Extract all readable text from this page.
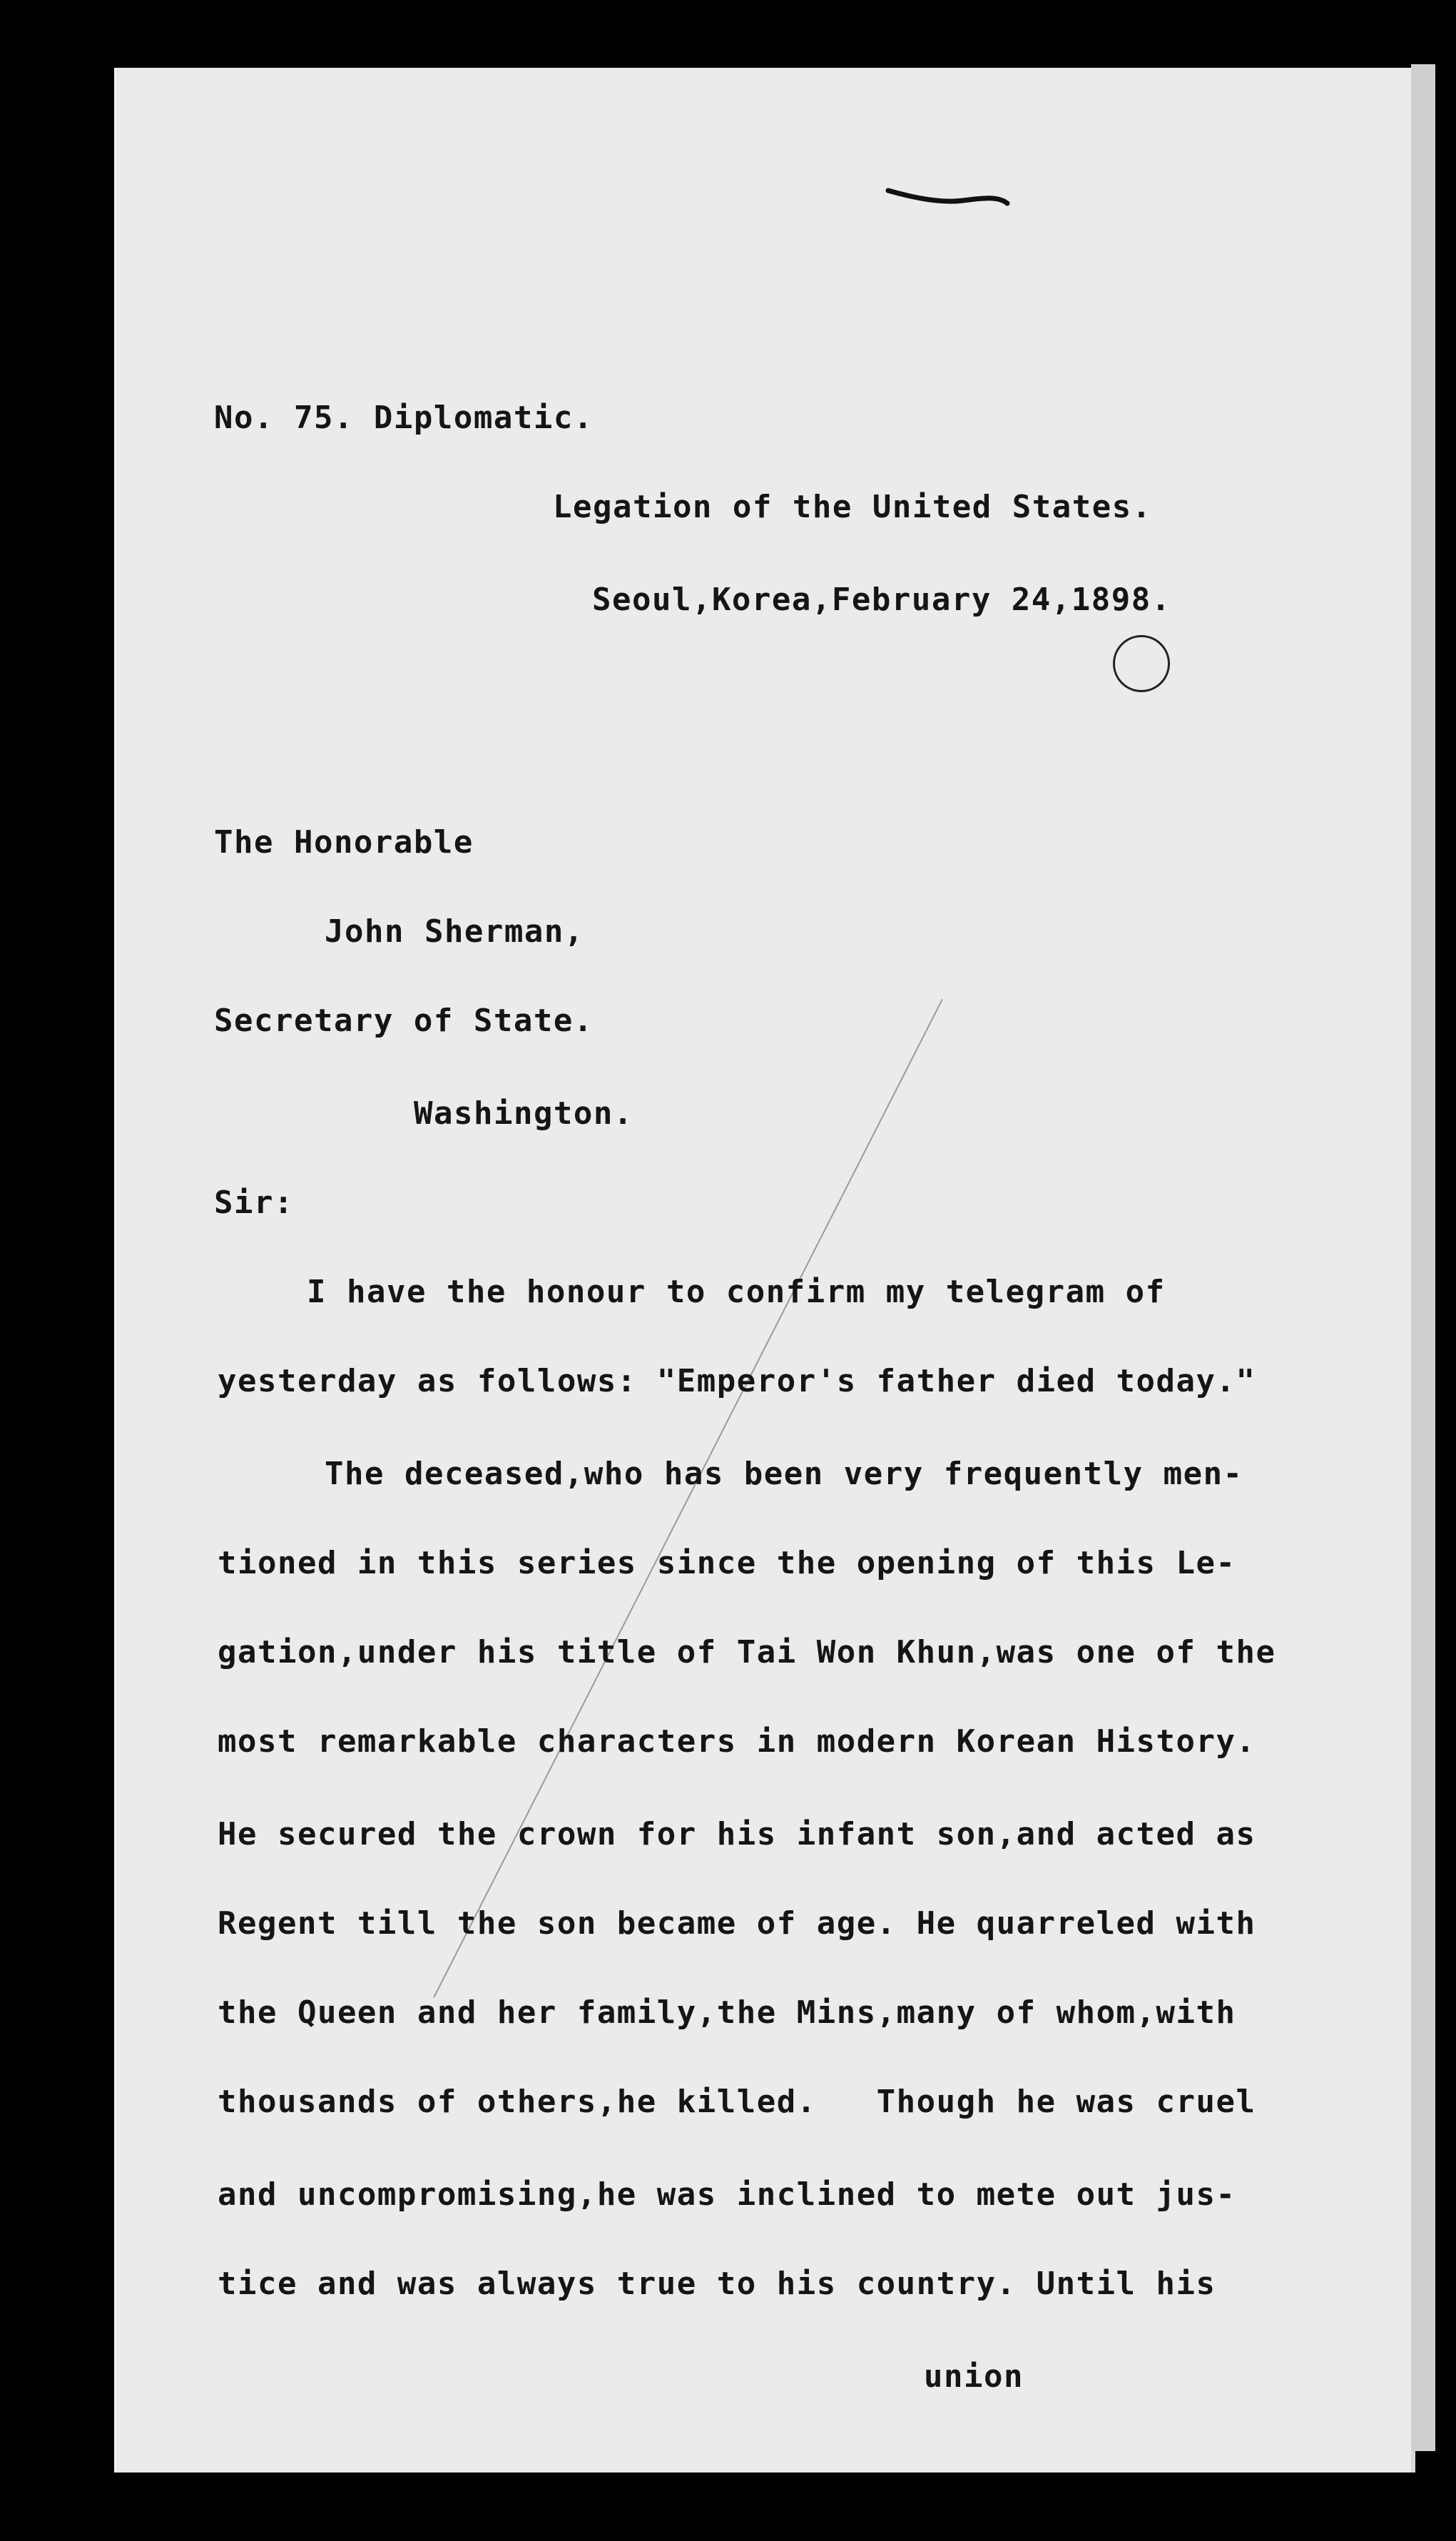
No. 75. Diplomatic.
Legation of the United States.
Seoul,Korea,February 24,1898.
The Honorable
John Sherman,
Secretary of State.
Washington.
Sir:
I have the honour to confirm my telegram of
yesterday as follows: "Emperor's father died today."
The deceased,who has been very frequently men-
tioned in this series since the opening of this Le-
gation,under his title of Tai Won Khun,was one of the
most remarkable characters in modern Korean History.
He secured the crown for his infant son,and acted as
Regent till the son became of age. He quarreled with
the Queen and her family,the Mins,many of whom,with
thousands of others,he killed.   Though he was cruel
and uncompromising,he was inclined to mete out jus-
tice and was always true to his country. Until his
union
